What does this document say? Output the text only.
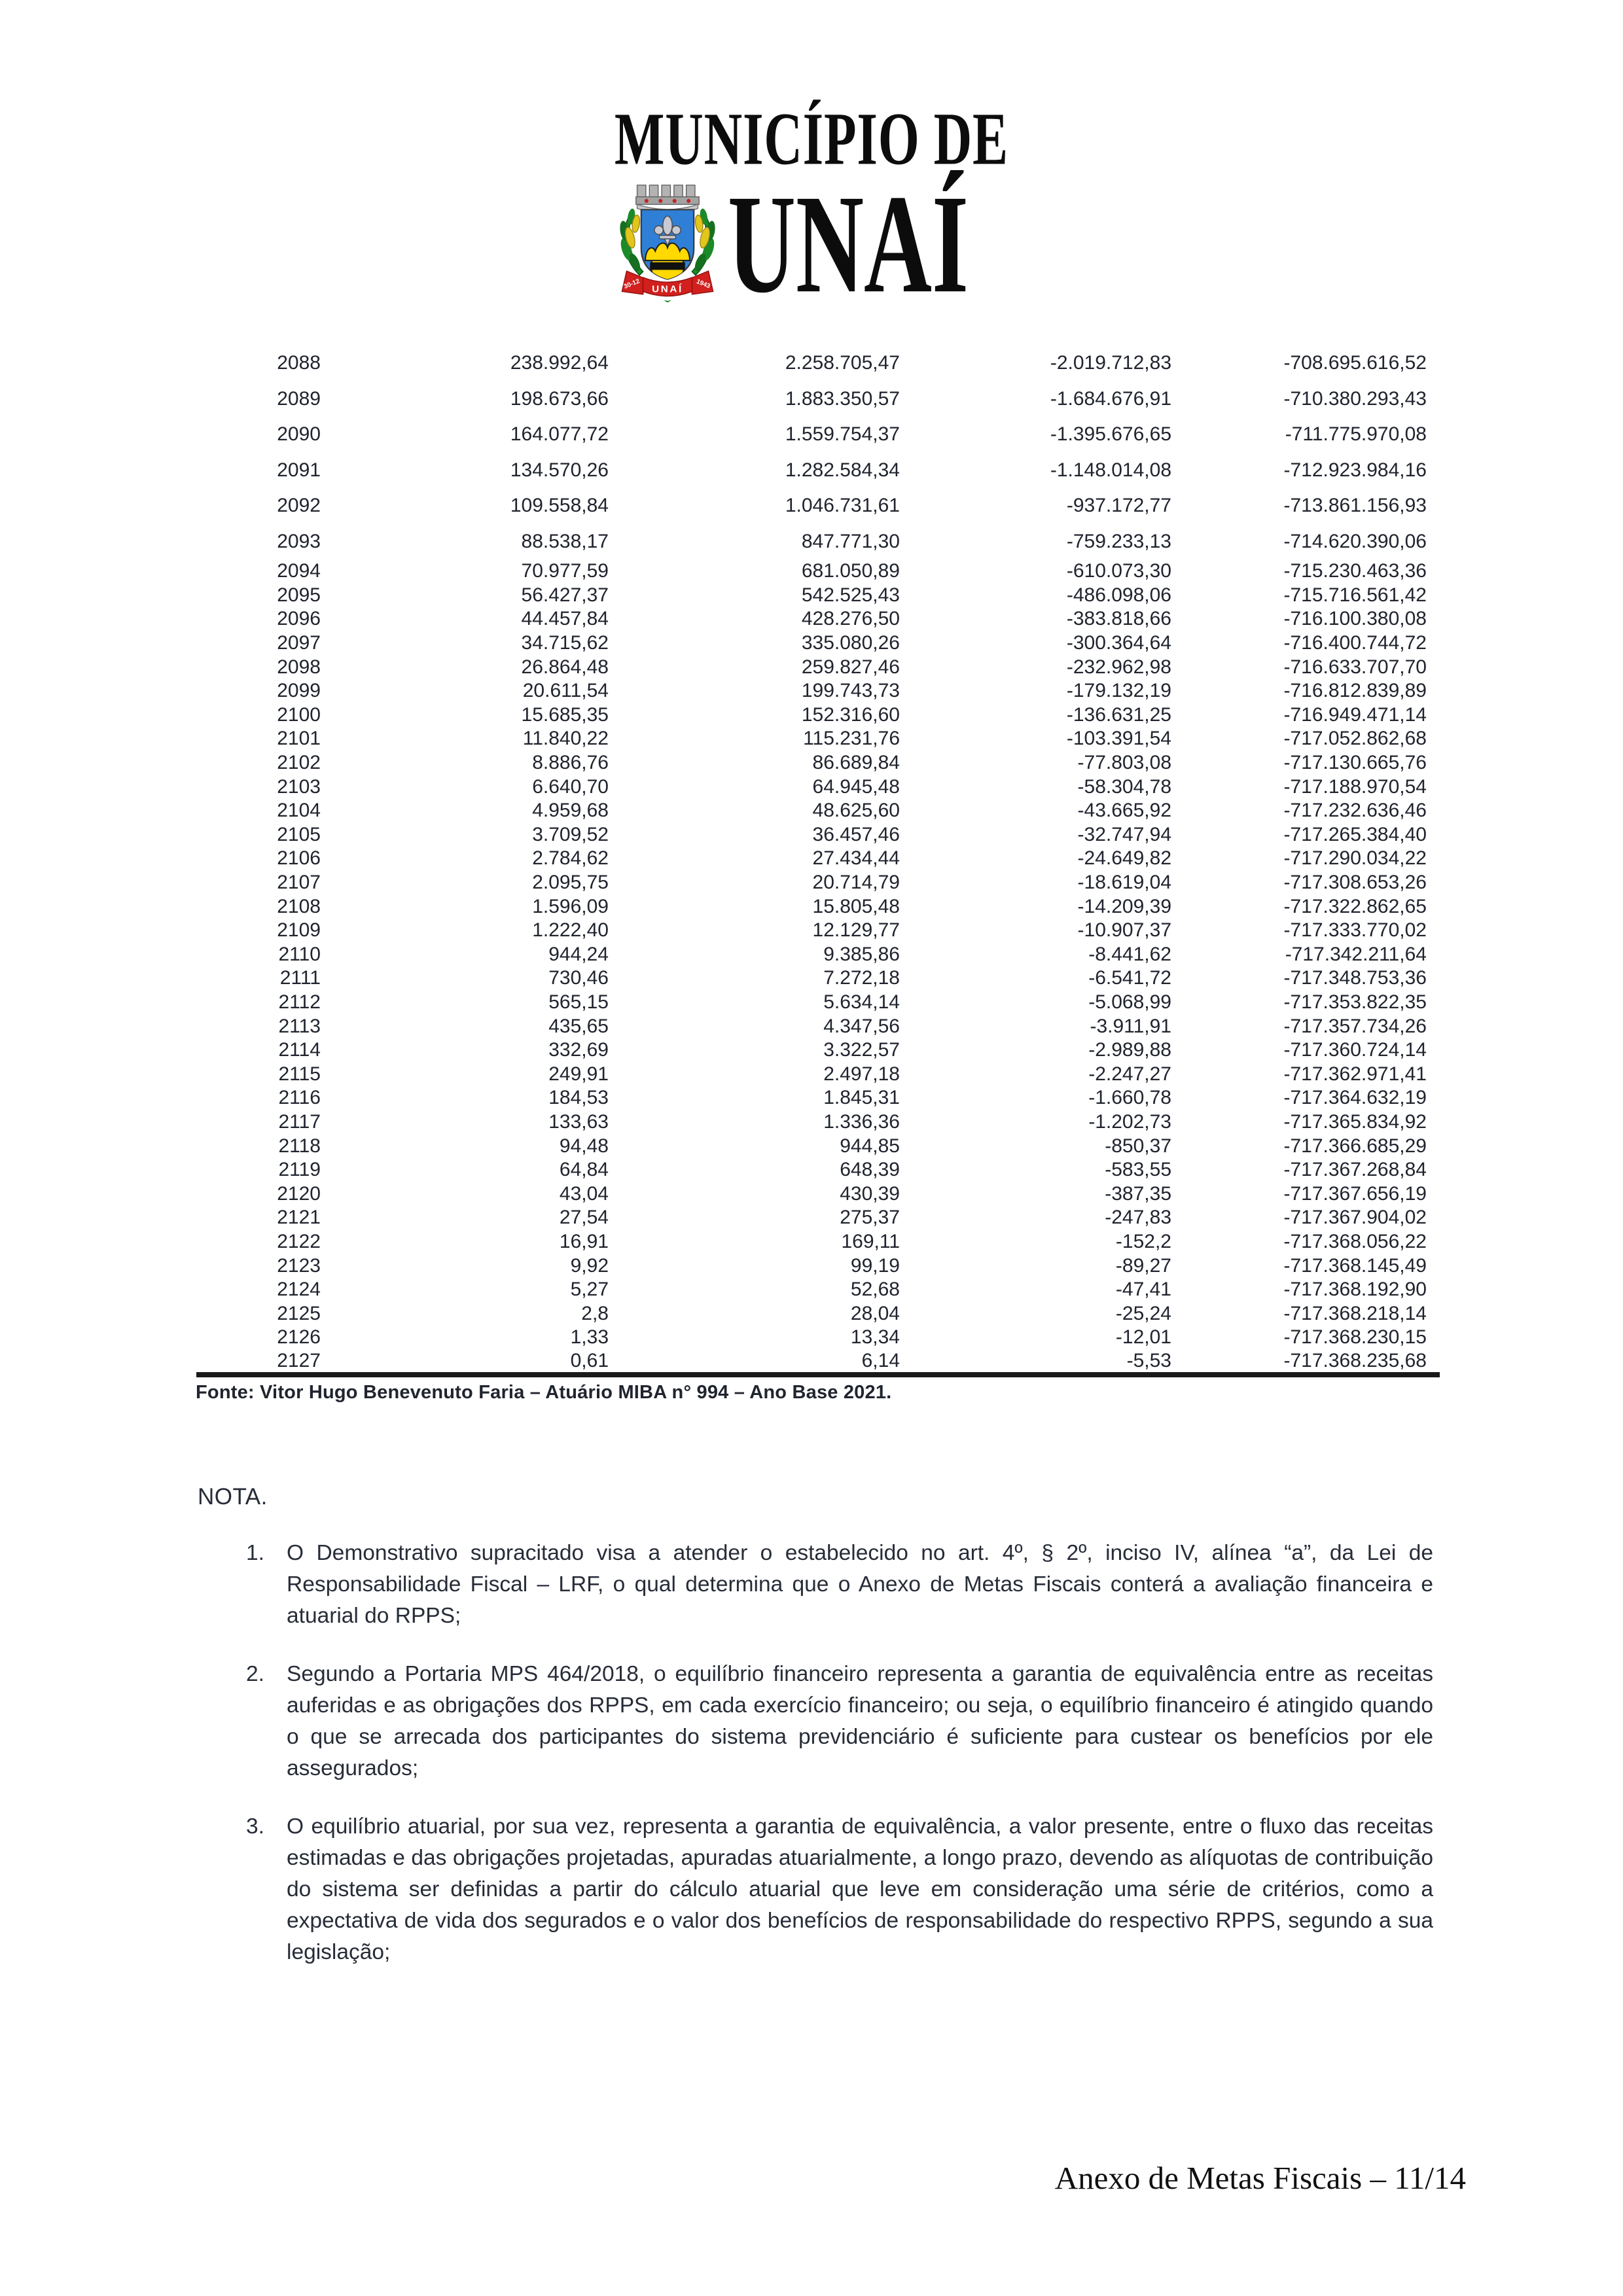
MUNICÍPIO DE
UNAÍ
30-12	1943 UNAÍ
2088	238.992,64	2.258.705,47	-2.019.712,83	-708.695.616,52
2089	198.673,66	1.883.350,57	-1.684.676,91	-710.380.293,43
2090	164.077,72	1.559.754,37	-1.395.676,65	-711.775.970,08
2091	134.570,26	1.282.584,34	-1.148.014,08	-712.923.984,16
2092	109.558,84	1.046.731,61	-937.172,77	-713.861.156,93
2093	88.538,17	847.771,30	-759.233,13	-714.620.390,06
2094	70.977,59	681.050,89	-610.073,30	-715.230.463,36
2095	56.427,37	542.525,43	-486.098,06	-715.716.561,42
2096	44.457,84	428.276,50	-383.818,66	-716.100.380,08
2097	34.715,62	335.080,26	-300.364,64	-716.400.744,72
2098	26.864,48	259.827,46	-232.962,98	-716.633.707,70
2099	20.611,54	199.743,73	-179.132,19	-716.812.839,89
2100	15.685,35	152.316,60	-136.631,25	-716.949.471,14
2101	11.840,22	115.231,76	-103.391,54	-717.052.862,68
2102	8.886,76	86.689,84	-77.803,08	-717.130.665,76
2103	6.640,70	64.945,48	-58.304,78	-717.188.970,54
2104	4.959,68	48.625,60	-43.665,92	-717.232.636,46
2105	3.709,52	36.457,46	-32.747,94	-717.265.384,40
2106	2.784,62	27.434,44	-24.649,82	-717.290.034,22
2107	2.095,75	20.714,79	-18.619,04	-717.308.653,26
2108	1.596,09	15.805,48	-14.209,39	-717.322.862,65
2109	1.222,40	12.129,77	-10.907,37	-717.333.770,02
2110	944,24	9.385,86	-8.441,62	-717.342.211,64
2111	730,46	7.272,18	-6.541,72	-717.348.753,36
2112	565,15	5.634,14	-5.068,99	-717.353.822,35
2113	435,65	4.347,56	-3.911,91	-717.357.734,26
2114	332,69	3.322,57	-2.989,88	-717.360.724,14
2115	249,91	2.497,18	-2.247,27	-717.362.971,41
2116	184,53	1.845,31	-1.660,78	-717.364.632,19
2117	133,63	1.336,36	-1.202,73	-717.365.834,92
2118	94,48	944,85	-850,37	-717.366.685,29
2119	64,84	648,39	-583,55	-717.367.268,84
2120	43,04	430,39	-387,35	-717.367.656,19
2121	27,54	275,37	-247,83	-717.367.904,02
2122	16,91	169,11	-152,2	-717.368.056,22
2123	9,92	99,19	-89,27	-717.368.145,49
2124	5,27	52,68	-47,41	-717.368.192,90
2125	2,8	28,04	-25,24	-717.368.218,14
2126	1,33	13,34	-12,01	-717.368.230,15
2127	0,61	6,14	-5,53	-717.368.235,68
Fonte: Vitor Hugo Benevenuto Faria – Atuário MIBA n° 994 – Ano Base 2021.
NOTA.
1.	O Demonstrativo supracitado visa a atender o estabelecido no art. 4º, § 2º, inciso IV, alínea “a”, da Lei de Responsabilidade Fiscal – LRF, o qual determina que o Anexo de Metas Fiscais conterá a avaliação financeira e atuarial do RPPS;
2.	Segundo a Portaria MPS 464/2018, o equilíbrio financeiro representa a garantia de equivalência entre as receitas auferidas e as obrigações dos RPPS, em cada exercício financeiro; ou seja, o equilíbrio financeiro é atingido quando o que se arrecada dos participantes do sistema previdenciário é suficiente para custear os benefícios por ele assegurados;
3.	O equilíbrio atuarial, por sua vez, representa a garantia de equivalência, a valor presente, entre o fluxo das receitas estimadas e das obrigações projetadas, apuradas atuarialmente, a longo prazo, devendo as alíquotas de contribuição do sistema ser definidas a partir do cálculo atuarial que leve em consideração uma série de critérios, como a expectativa de vida dos segurados e o valor dos benefícios de responsabilidade do respectivo RPPS, segundo a sua legislação;
Anexo de Metas Fiscais – 11/14
